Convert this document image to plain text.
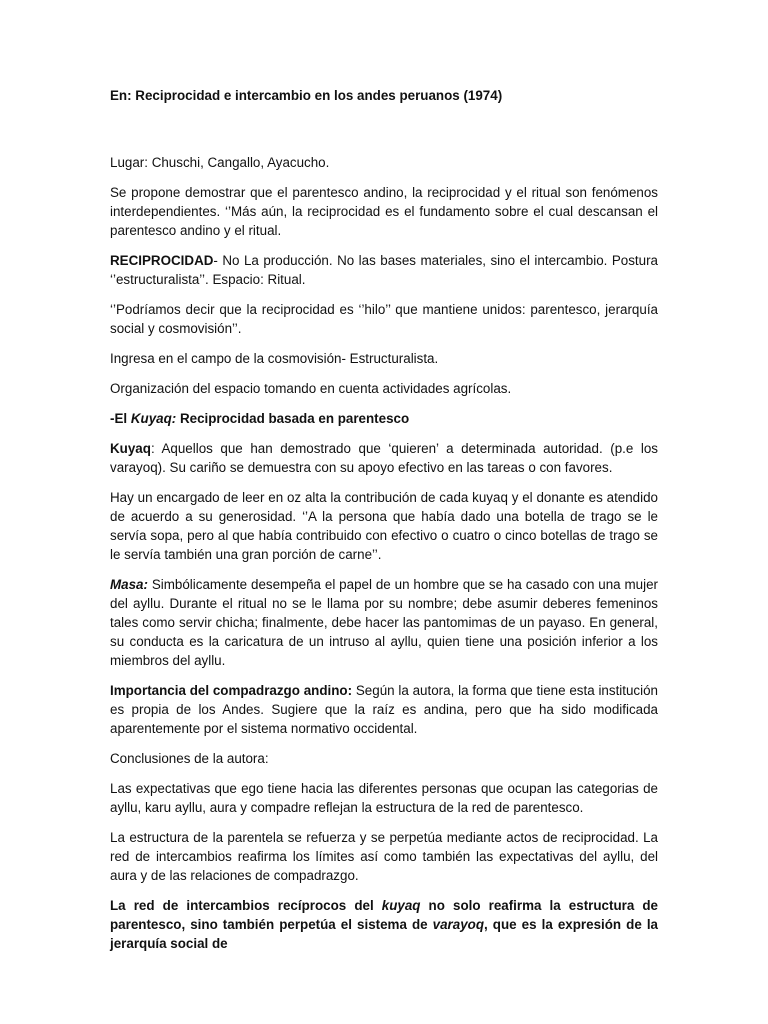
En: Reciprocidad e intercambio en los andes peruanos (1974)

Lugar: Chuschi, Cangallo, Ayacucho.

Se propone demostrar que el parentesco andino, la reciprocidad y el ritual son fenómenos interdependientes. ‘’Más aún, la reciprocidad es el fundamento sobre el cual descansan el parentesco andino y el ritual.

RECIPROCIDAD- No La producción. No las bases materiales, sino el intercambio. Postura ‘’estructuralista’’. Espacio: Ritual.

‘’Podríamos decir que la reciprocidad es ‘’hilo’’ que mantiene unidos: parentesco, jerarquía social y cosmovisión’’.

Ingresa en el campo de la cosmovisión- Estructuralista.

Organización del espacio tomando en cuenta actividades agrícolas.

-El Kuyaq: Reciprocidad basada en parentesco

Kuyaq: Aquellos que han demostrado que ‘quieren’ a determinada autoridad. (p.e los varayoq). Su cariño se demuestra con su apoyo efectivo en las tareas o con favores.

Hay un encargado de leer en oz alta la contribución de cada kuyaq y el donante es atendido de acuerdo a su generosidad. ‘’A la persona que había dado una botella de trago se le servía sopa, pero al que había contribuido con efectivo o cuatro o cinco botellas de trago se le servía también una gran porción de carne’’.

Masa: Simbólicamente desempeña el papel de un hombre que se ha casado con una mujer del ayllu. Durante el ritual no se le llama por su nombre; debe asumir deberes femeninos tales como servir chicha; finalmente, debe hacer las pantomimas de un payaso. En general, su conducta es la caricatura de un intruso al ayllu, quien tiene una posición inferior a los miembros del ayllu.

Importancia del compadrazgo andino: Según la autora, la forma que tiene esta institución es propia de los Andes. Sugiere que la raíz es andina, pero que ha sido modificada aparentemente por el sistema normativo occidental.

Conclusiones de la autora:

Las expectativas que ego tiene hacia las diferentes personas que ocupan las categorias de ayllu, karu ayllu, aura y compadre reflejan la estructura de la red de parentesco.

La estructura de la parentela se refuerza y se perpetúa mediante actos de reciprocidad. La red de intercambios reafirma los límites así como también las expectativas del ayllu, del aura y de las relaciones de compadrazgo.

La red de intercambios recíprocos del kuyaq no solo reafirma la estructura de parentesco, sino también perpetúa el sistema de varayoq, que es la expresión de la jerarquía social de
